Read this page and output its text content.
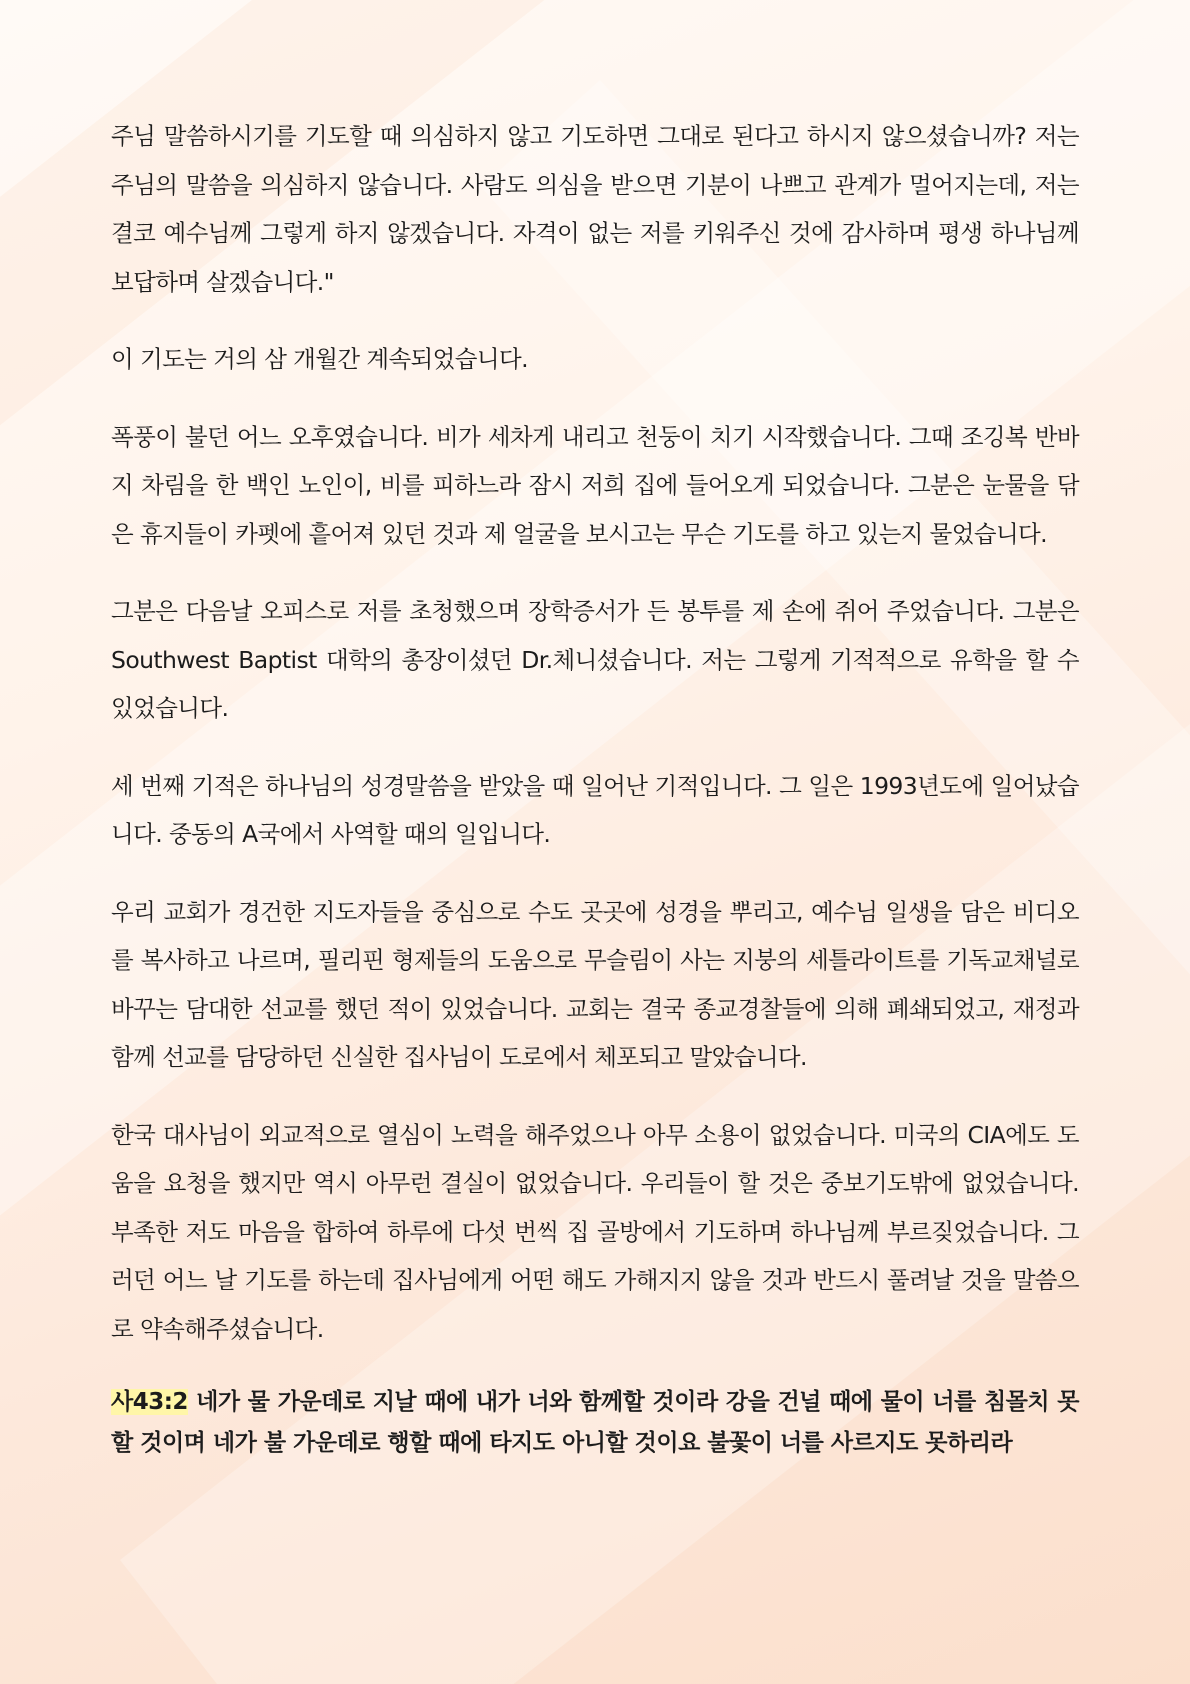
주님 말씀하시기를 기도할 때 의심하지 않고 기도하면 그대로 된다고 하시지 않으셨습니까? 저는 주님의 말씀을 의심하지 않습니다. 사람도 의심을 받으면 기분이 나쁘고 관계가 멀어지는데, 저는 결코 예수님께 그렇게 하지 않겠습니다. 자격이 없는 저를 키워주신 것에 감사하며 평생 하나님께 보답하며 살겠습니다."

이 기도는 거의 삼 개월간 계속되었습니다.

폭풍이 불던 어느 오후였습니다. 비가 세차게 내리고 천둥이 치기 시작했습니다. 그때 조깅복 반바지 차림을 한 백인 노인이, 비를 피하느라 잠시 저희 집에 들어오게 되었습니다. 그분은 눈물을 닦은 휴지들이 카펫에 흩어져 있던 것과 제 얼굴을 보시고는 무슨 기도를 하고 있는지 물었습니다.

그분은 다음날 오피스로 저를 초청했으며 장학증서가 든 봉투를 제 손에 쥐어 주었습니다. 그분은 Southwest Baptist 대학의 총장이셨던 Dr.체니셨습니다. 저는 그렇게 기적적으로 유학을 할 수 있었습니다.

세 번째 기적은 하나님의 성경말씀을 받았을 때 일어난 기적입니다. 그 일은 1993년도에 일어났습니다. 중동의 A국에서 사역할 때의 일입니다.

우리 교회가 경건한 지도자들을 중심으로 수도 곳곳에 성경을 뿌리고, 예수님 일생을 담은 비디오를 복사하고 나르며, 필리핀 형제들의 도움으로 무슬림이 사는 지붕의 세틀라이트를 기독교채널로 바꾸는 담대한 선교를 했던 적이 있었습니다. 교회는 결국 종교경찰들에 의해 폐쇄되었고, 재정과 함께 선교를 담당하던 신실한 집사님이 도로에서 체포되고 말았습니다.

한국 대사님이 외교적으로 열심이 노력을 해주었으나 아무 소용이 없었습니다. 미국의 CIA에도 도움을 요청을 했지만 역시 아무런 결실이 없었습니다. 우리들이 할 것은 중보기도밖에 없었습니다. 부족한 저도 마음을 합하여 하루에 다섯 번씩 집 골방에서 기도하며 하나님께 부르짖었습니다. 그러던 어느 날 기도를 하는데 집사님에게 어떤 해도 가해지지 않을 것과 반드시 풀려날 것을 말씀으로 약속해주셨습니다.

사43:2 네가 물 가운데로 지날 때에 내가 너와 함께할 것이라 강을 건널 때에 물이 너를 침몰치 못할 것이며 네가 불 가운데로 행할 때에 타지도 아니할 것이요 불꽃이 너를 사르지도 못하리라
